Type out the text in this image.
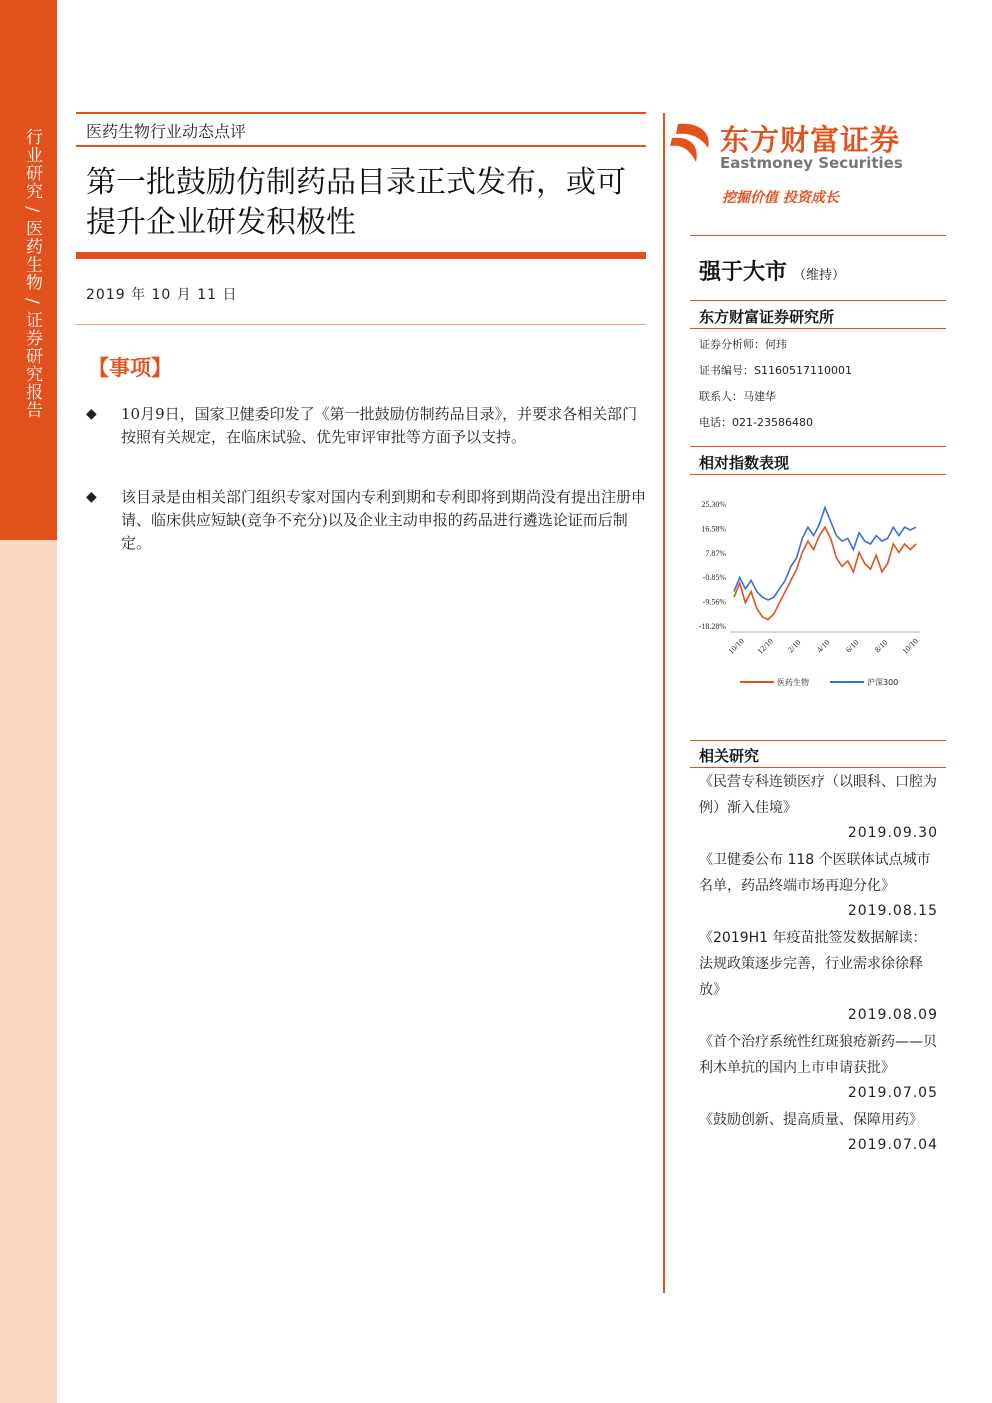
行业研究 / 医药生物 / 证券研究报告	医药生物行业动态点评
第一批鼓励仿制药品目录正式发布，或可提升企业研发积极性
2019 年 10 月 11 日
【事项】
◆ 10月9日，国家卫健委印发了《第一批鼓励仿制药品目录》，并要求各相关部门按照有关规定，在临床试验、优先审评审批等方面予以支持。
◆ 该目录是由相关部门组织专家对国内专利到期和专利即将到期尚没有提出注册申请、临床供应短缺(竞争不充分)以及企业主动申报的药品进行遴选论证而后制定。
东方财富证券
Eastmoney Securities
挖掘价值 投资成长
强于大市 （维持）
东方财富证券研究所
证券分析师：何玮
证书编号：S1160517110001
联系人：马建华
电话：021-23586480
相对指数表现
25.30%
16.58%
7.87%
-0.85%
-9.56%
-18.28%
10/10 12/10 2/10 4/10 6/10 8/10 10/10
医药生物	沪深300
相关研究
《民营专科连锁医疗（以眼科、口腔为例）渐入佳境》
2019.09.30
《卫健委公布 118 个医联体试点城市名单，药品终端市场再迎分化》
2019.08.15
《2019H1 年疫苗批签发数据解读：法规政策逐步完善，行业需求徐徐释放》
2019.08.09
《首个治疗系统性红斑狼疮新药——贝利木单抗的国内上市申请获批》
2019.07.05
《鼓励创新、提高质量、保障用药》
2019.07.04
